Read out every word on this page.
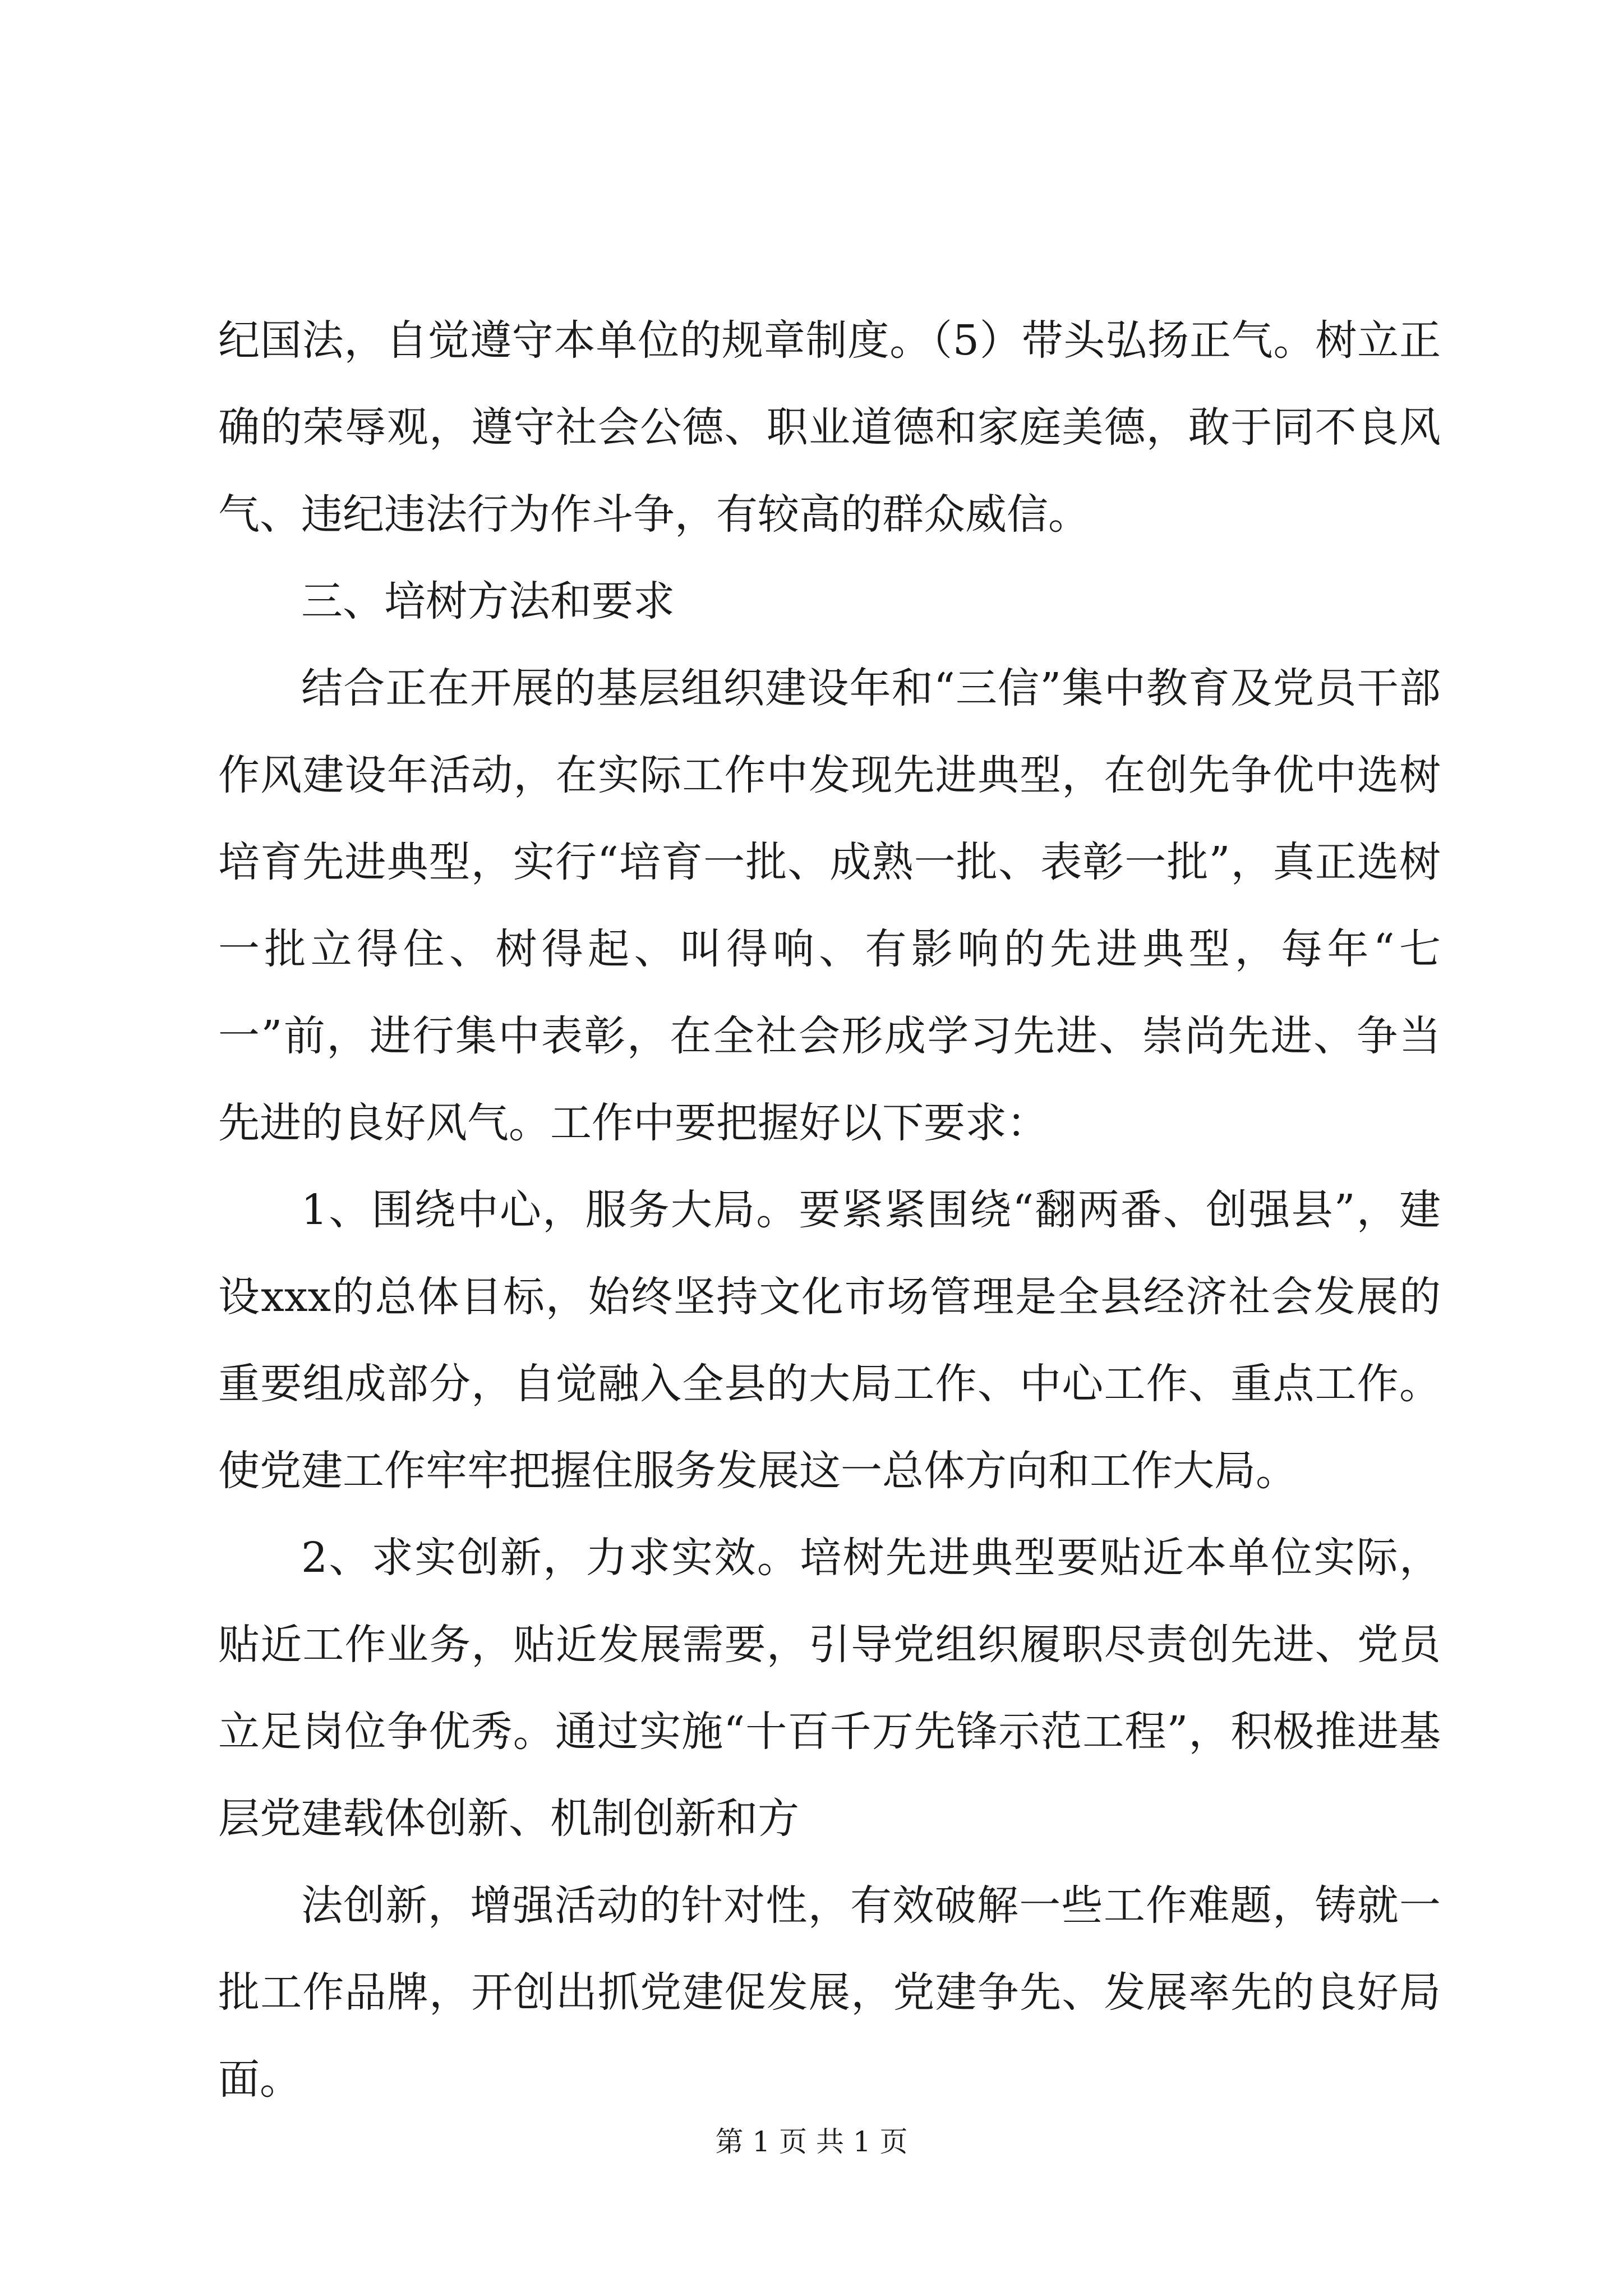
纪国法，自觉遵守本单位的规章制度。（5）带头弘扬正气。树立正确的荣辱观，遵守社会公德、职业道德和家庭美德，敢于同不良风气、违纪违法行为作斗争，有较高的群众威信。

三、培树方法和要求

结合正在开展的基层组织建设年和“三信”集中教育及党员干部作风建设年活动，在实际工作中发现先进典型，在创先争优中选树培育先进典型，实行“培育一批、成熟一批、表彰一批”，真正选树一批立得住、树得起、叫得响、有影响的先进典型，每年“七一”前，进行集中表彰，在全社会形成学习先进、崇尚先进、争当先进的良好风气。工作中要把握好以下要求：

1、围绕中心，服务大局。要紧紧围绕“翻两番、创强县”，建设xxx的总体目标，始终坚持文化市场管理是全县经济社会发展的重要组成部分，自觉融入全县的大局工作、中心工作、重点工作。使党建工作牢牢把握住服务发展这一总体方向和工作大局。

2、求实创新，力求实效。培树先进典型要贴近本单位实际，贴近工作业务，贴近发展需要，引导党组织履职尽责创先进、党员立足岗位争优秀。通过实施“十百千万先锋示范工程”，积极推进基层党建载体创新、机制创新和方

法创新，增强活动的针对性，有效破解一些工作难题，铸就一批工作品牌，开创出抓党建促发展，党建争先、发展率先的良好局面。

第 1 页 共 1 页
